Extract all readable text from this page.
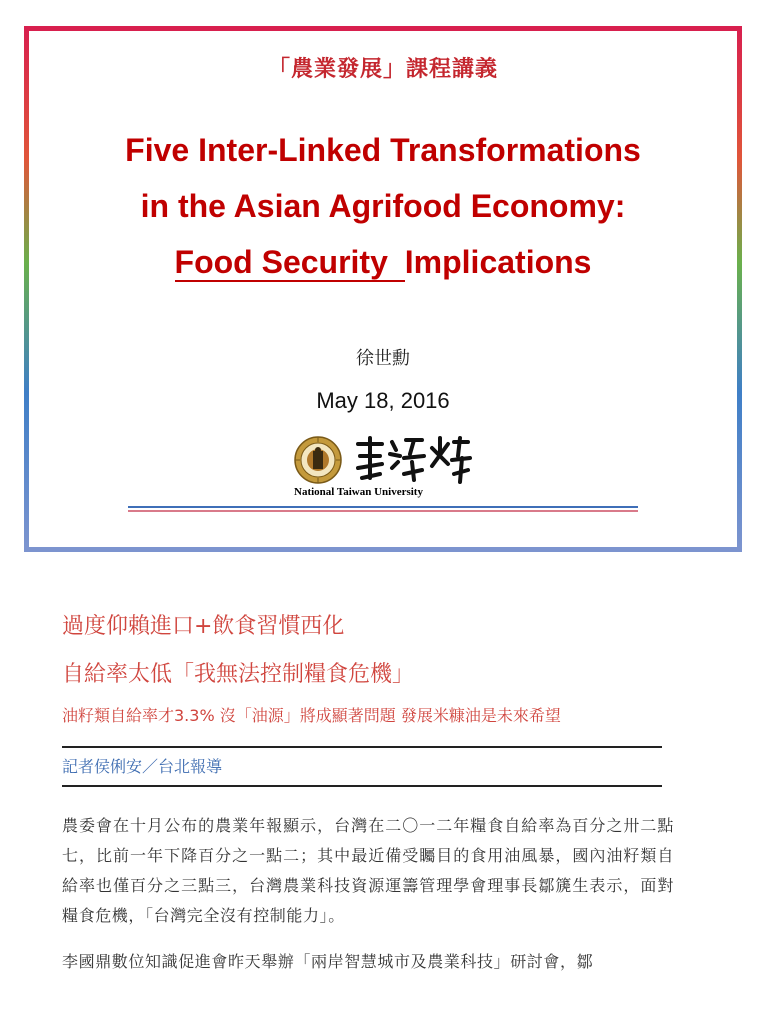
「農業發展」課程講義
Five Inter-Linked Transformations
in the Asian Agrifood Economy:
Food Security Implications
徐世勳
May 18, 2016
National Taiwan University
過度仰賴進口+飲食習慣西化
自給率太低「我無法控制糧食危機」
油籽類自給率才3.3% 沒「油源」將成顯著問題 發展米糠油是未來希望
記者侯俐安／台北報導

農委會在十月公布的農業年報顯示，台灣在二〇一二年糧食自給率為百分之卅二點七，比前一年下降百分之一點二；其中最近備受矚目的食用油風暴，國內油籽類自給率也僅百分之三點三，台灣農業科技資源運籌管理學會理事長鄒篪生表示，面對糧食危機，「台灣完全沒有控制能力」。

李國鼎數位知識促進會昨天舉辦「兩岸智慧城市及農業科技」研討會，鄒
